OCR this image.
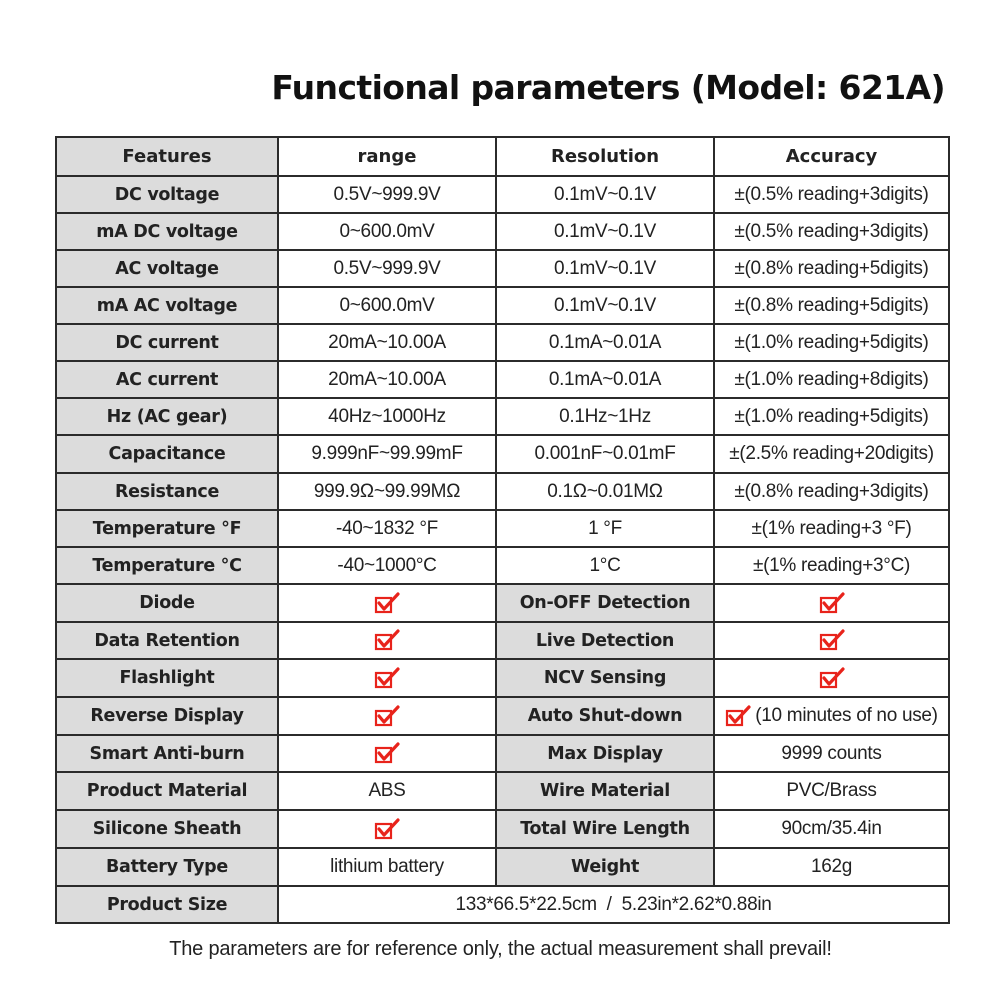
Functional parameters (Model: 621A)
Features	range	Resolution	Accuracy
DC voltage	0.5V~999.9V	0.1mV~0.1V	±(0.5% reading+3digits)
mA DC voltage	0~600.0mV	0.1mV~0.1V	±(0.5% reading+3digits)
AC voltage	0.5V~999.9V	0.1mV~0.1V	±(0.8% reading+5digits)
mA AC voltage	0~600.0mV	0.1mV~0.1V	±(0.8% reading+5digits)
DC current	20mA~10.00A	0.1mA~0.01A	±(1.0% reading+5digits)
AC current	20mA~10.00A	0.1mA~0.01A	±(1.0% reading+8digits)
Hz (AC gear)	40Hz~1000Hz	0.1Hz~1Hz	±(1.0% reading+5digits)
Capacitance	9.999nF~99.99mF	0.001nF~0.01mF	±(2.5% reading+20digits)
Resistance	999.9Ω~99.99MΩ	0.1Ω~0.01MΩ	±(0.8% reading+3digits)
Temperature °F	-40~1832 °F	1 °F	±(1% reading+3 °F)
Temperature °C	-40~1000°C	1°C	±(1% reading+3°C)
Diode		On-OFF Detection	

Data Retention		Live Detection	

Flashlight		NCV Sensing	

Reverse Display		Auto Shut-down	(10 minutes of no use)
Smart Anti-burn		Max Display	9999 counts
Product Material	ABS	Wire Material	PVC/Brass
Silicone Sheath		Total Wire Length	90cm/35.4in
Battery Type	lithium battery	Weight	162g
Product Size	133*66.5*22.5cm  /  5.23in*2.62*0.88in		
The parameters are for reference only, the actual measurement shall prevail!
